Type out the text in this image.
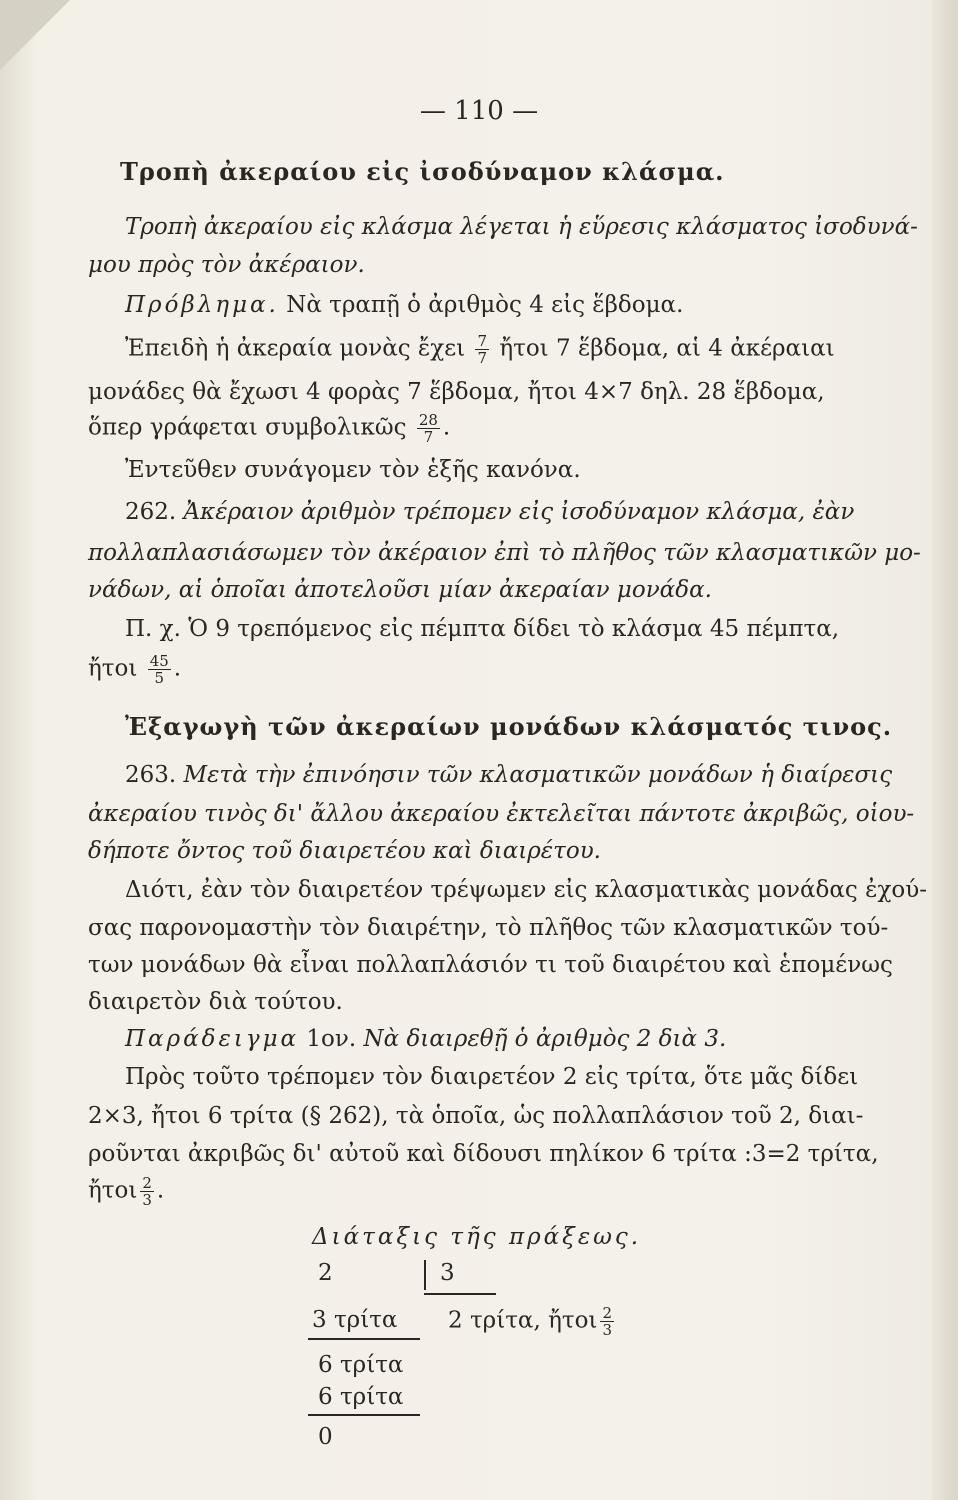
— 110 —
Τροπὴ ἀκεραίου εἰς ἰσοδύναμον κλάσμα.
Τροπὴ ἀκεραίου εἰς κλάσμα λέγεται ἡ εὕρεσις κλάσματος ἰσοδυνά-
μου πρὸς τὸν ἀκέραιον.
Πρόβλημα. Νὰ τραπῇ ὁ ἀριθμὸς 4 εἰς ἕβδομα.
Ἐπειδὴ ἡ ἀκεραία μονὰς ἔχει $\frac{7}{7}$ ἤτοι 7 ἕβδομα, αἱ 4 ἀκέραιαι
μονάδες θὰ ἔχωσι 4 φορὰς 7 ἕβδομα, ἤτοι 4×7 δηλ. 28 ἕβδομα,
ὅπερ γράφεται συμβολικῶς $\frac{28}{7}$ .
Ἐντεῦθεν συνάγομεν τὸν ἑξῆς κανόνα.
262. Ἀκέραιον ἀριθμὸν τρέπομεν εἰς ἰσοδύναμον κλάσμα, ἐὰν
πολλαπλασιάσωμεν τὸν ἀκέραιον ἐπὶ τὸ πλῆθος τῶν κλασματικῶν μο-
νάδων, αἱ ὁποῖαι ἀποτελοῦσι μίαν ἀκεραίαν μονάδα.
Π. χ. Ὁ 9 τρεπόμενος εἰς πέμπτα δίδει τὸ κλάσμα 45 πέμπτα,
ἤτοι $\frac{45}{5}$ .
Ἐξαγωγὴ τῶν ἀκεραίων μονάδων κλάσματός τινος.
263. Μετὰ τὴν ἐπινόησιν τῶν κλασματικῶν μονάδων ἡ διαίρεσις
ἀκεραίου τινὸς δι' ἄλλου ἀκεραίου ἐκτελεῖται πάντοτε ἀκριβῶς, οἱου-
δήποτε ὄντος τοῦ διαιρετέου καὶ διαιρέτου.
Διότι, ἐὰν τὸν διαιρετέον τρέψωμεν εἰς κλασματικὰς μονάδας ἐχού-
σας παρονομαστὴν τὸν διαιρέτην, τὸ πλῆθος τῶν κλασματικῶν τού-
των μονάδων θὰ εἶναι πολλαπλάσιόν τι τοῦ διαιρέτου καὶ ἑπομένως
διαιρετὸν διὰ τούτου.
Παράδειγμα 1ον. Νὰ διαιρεθῇ ὁ ἀριθμὸς 2 διὰ 3.
Πρὸς τοῦτο τρέπομεν τὸν διαιρετέον 2 εἰς τρίτα, ὅτε μᾶς δίδει
2×3, ἤτοι 6 τρίτα (§ 262), τὰ ὁποῖα, ὡς πολλαπλάσιον τοῦ 2, διαι-
ροῦνται ἀκριβῶς δι' αὐτοῦ καὶ δίδουσι πηλίκον 6 τρίτα :3=2 τρίτα,
ἤτοι $\frac{2}{3}$ .
Διάταξις τῆς πράξεως.
2	3
3 τρίτα 2 τρίτα, ἤτοι $\frac{2}{3}$
6 τρίτα
6 τρίτα
0
